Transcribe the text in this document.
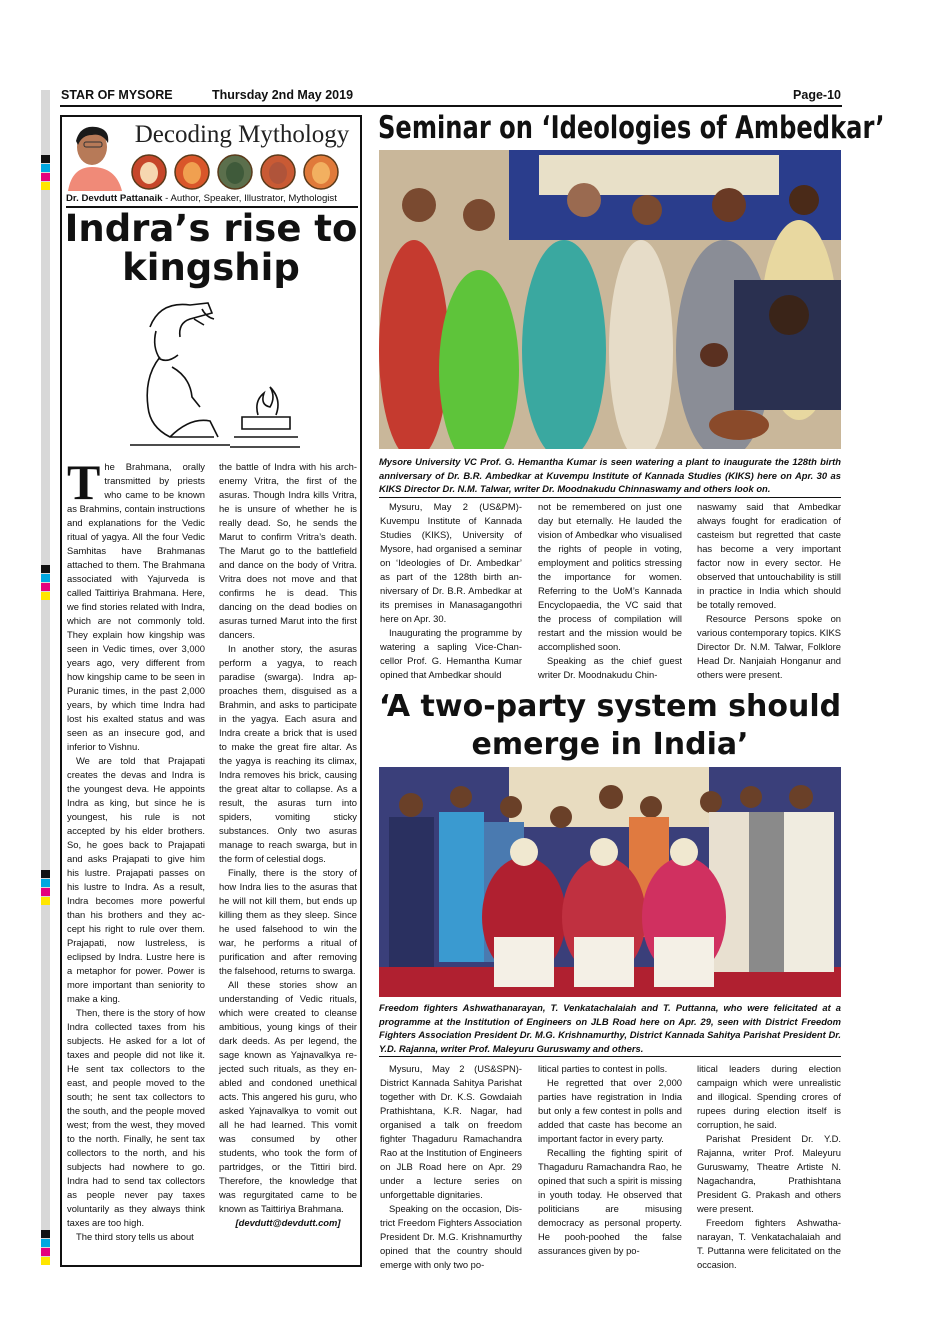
STAR OF MYSORE	Thursday 2nd May 2019	Page-10
Decoding Mythology
Dr. Devdutt Pattanaik - Author, Speaker, Illustrator, Mythologist
Indra’s rise to
kingship

The Brahmana, orally transmitted by priests who came to be known as Brahmins, contain instructions and explanations for the Vedic ritual of yagya. All the four Vedic Samhitas have Brahmanas attached to them. The Brahmana associated with Yajurveda is called Taittiriya Brahmana. Here, we find stories related with Indra, which are not commonly told. They explain how kingship was seen in Vedic times, over 3,000 years ago, very different from how kingship came to be seen in Puranic times, in the past 2,000 years, by which time Indra had lost his exalted status and was seen as an insecure god, and inferior to Vishnu.

We are told that Prajapati creates the devas and Indra is the youngest deva. He appoints Indra as king, but since he is youngest, his rule is not accepted by his elder brothers. So, he goes back to Prajapati and asks Prajapati to give him his lustre. Prajapati passes on his lustre to Indra. As a result, Indra becomes more powerful than his brothers and they accept his right to rule over them. Prajapati, now lustreless, is eclipsed by Indra. Lustre here is a metaphor for power. Power is more important than seniority to make a king.

Then, there is the story of how Indra collected taxes from his subjects. He asked for a lot of taxes and people did not like it. He sent tax collectors to the east, and people moved to the south; he sent tax collectors to the south, and the people moved west; from the west, they moved to the north. Finally, he sent tax collectors to the north, and his subjects had nowhere to go. Indra had to send tax collectors as people never pay taxes voluntarily as they always think taxes are too high.

The third story tells us about

the battle of Indra with his arch-enemy Vritra, the first of the asuras. Though Indra kills Vritra, he is unsure of whether he is really dead. So, he sends the Marut to confirm Vritra’s death. The Marut go to the battlefield and dance on the body of Vritra. Vritra does not move and that confirms he is dead. This dancing on the dead bodies on asuras turned Marut into the first dancers.

In another story, the asuras perform a yagya, to reach paradise (swarga). Indra approaches them, disguised as a Brahmin, and asks to participate in the yagya. Each asura and Indra create a brick that is used to make the great fire altar. As the yagya is reaching its climax, Indra removes his brick, causing the great altar to collapse. As a result, the asuras turn into spiders, vomiting sticky substances. Only two asuras manage to reach swarga, but in the form of celestial dogs.

Finally, there is the story of how Indra lies to the asuras that he will not kill them, but ends up killing them as they sleep. Since he used falsehood to win the war, he performs a ritual of purification and after removing the falsehood, returns to swarga.

All these stories show an understanding of Vedic rituals, which were created to cleanse ambitious, young kings of their dark deeds. As per legend, the sage known as Yajnavalkya rejected such rituals, as they enabled and condoned unethical acts. This angered his guru, who asked Yajnavalkya to vomit out all he had learned. This vomit was consumed by other students, who took the form of partridges, or the Tittiri bird. Therefore, the knowledge that was regurgitated came to be known as Taittiriya Brahmana.

[devdutt@devdutt.com]

Seminar on ‘Ideologies of Ambedkar’
Mysore University VC Prof. G. Hemantha Kumar is seen watering a plant to inaugurate the 128th birth anniversary of Dr. B.R. Ambedkar at Kuvempu Institute of Kannada Studies (KIKS) here on Apr. 30 as KIKS Director Dr. N.M. Talwar, writer Dr. Moodnakudu Chinnaswamy and others look on.

Mysuru, May 2 (US&PM)- Kuvempu Institute of Kannada Studies (KIKS), University of Mysore, had organised a seminar on ‘Ideologies of Dr. Ambedkar’ as part of the 128th birth anniversary of Dr. B.R. Ambedkar at its premises in Manasagangothri here on Apr. 30.

Inaugurating the programme by watering a sapling Vice-Chancellor Prof. G. Hemantha Kumar opined that Ambedkar should

not be remembered on just one day but eternally. He lauded the vision of Ambedkar who visualised the rights of people in voting, employment and politics stressing the importance for women. Referring to the UoM’s Kannada Encyclopaedia, the VC said that the process of compilation will restart and the mission would be accomplished soon.

Speaking as the chief guest writer Dr. Moodnakudu Chin-

naswamy said that Ambedkar always fought for eradication of casteism but regretted that caste has become a very important factor now in every sector. He observed that untouchability is still in practice in India which should be totally removed.

Resource Persons spoke on various contemporary topics. KIKS Director Dr. N.M. Talwar, Folklore Head Dr. Nanjaiah Honganur and others were present.

‘A two-party system should
emerge in India’
Freedom fighters Ashwathanarayan, T. Venkatachalaiah and T. Puttanna, who were felicitated at a programme at the Institution of Engineers on JLB Road here on Apr. 29, seen with District Freedom Fighters Association President Dr. M.G. Krishnamurthy, District Kannada Sahitya Parishat President Dr. Y.D. Rajanna, writer Prof. Maleyuru Guruswamy and others.

Mysuru, May 2 (US&SPN)- District Kannada Sahitya Parishat together with Dr. K.S. Gowdaiah Prathishtana, K.R. Nagar, had organised a talk on freedom fighter Thagaduru Ramachandra Rao at the Institution of Engineers on JLB Road here on Apr. 29 under a lecture series on unforgettable dignitaries.

Speaking on the occasion, District Freedom Fighters Association President Dr. M.G. Krishnamurthy opined that the country should emerge with only two po-

litical parties to contest in polls.

He regretted that over 2,000 parties have registration in India but only a few contest in polls and added that caste has become an important factor in every party.

Recalling the fighting spirit of Thagaduru Ramachandra Rao, he opined that such a spirit is missing in youth today. He observed that politicians are misusing democracy as personal property. He pooh-poohed the false assurances given by po-

litical leaders during election campaign which were unrealistic and illogical. Spending crores of rupees during election itself is corruption, he said.

Parishat President Dr. Y.D. Rajanna, writer Prof. Maleyuru Guruswamy, Theatre Artiste N. Nagachandra, Prathishtana President G. Prakash and others were present.

Freedom fighters Ashwathanarayan, T. Venkatachalaiah and T. Puttanna were felicitated on the occasion.
